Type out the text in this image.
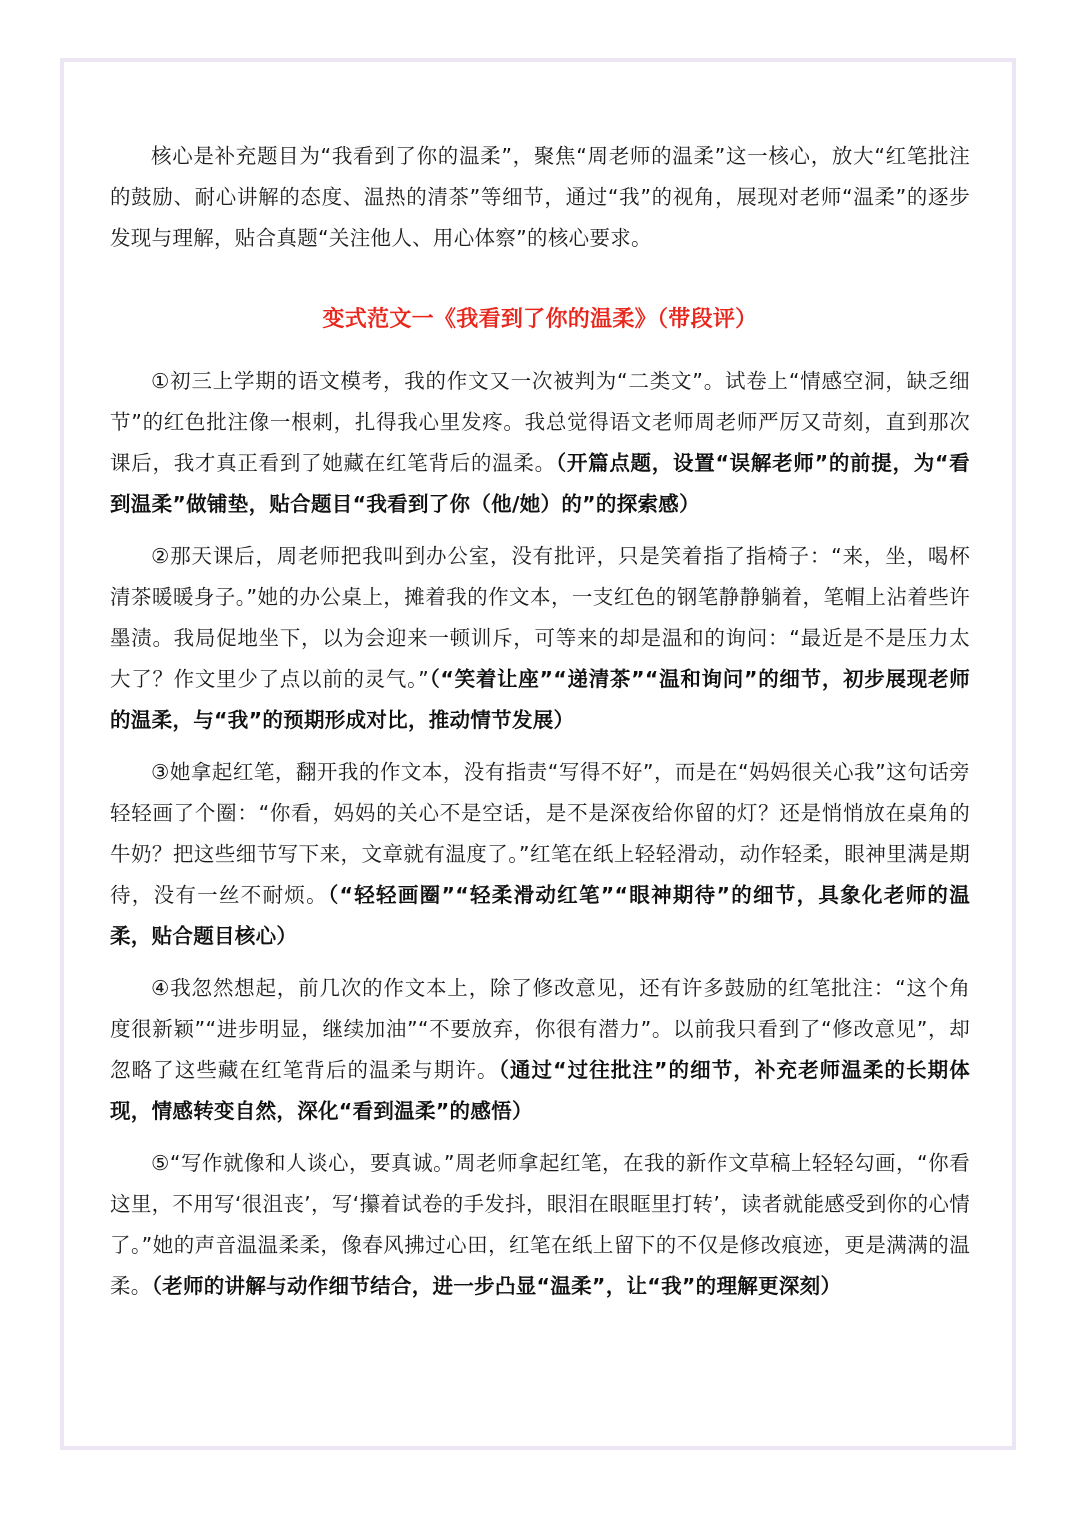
核心是补充题目为“我看到了你的温柔”，聚焦“周老师的温柔”这一核心，放大“红笔批注的鼓励、耐心讲解的态度、温热的清茶”等细节，通过“我”的视角，展现对老师“温柔”的逐步发现与理解，贴合真题“关注他人、用心体察”的核心要求。

变式范文一《我看到了你的温柔》（带段评）

①初三上学期的语文模考，我的作文又一次被判为“二类文”。试卷上“情感空洞，缺乏细节”的红色批注像一根刺，扎得我心里发疼。我总觉得语文老师周老师严厉又苛刻，直到那次课后，我才真正看到了她藏在红笔背后的温柔。（开篇点题，设置“误解老师”的前提，为“看到温柔”做铺垫，贴合题目“我看到了你（他/她）的”的探索感）

②那天课后，周老师把我叫到办公室，没有批评，只是笑着指了指椅子：“来，坐，喝杯清茶暖暖身子。”她的办公桌上，摊着我的作文本，一支红色的钢笔静静躺着，笔帽上沾着些许墨渍。我局促地坐下，以为会迎来一顿训斥，可等来的却是温和的询问：“最近是不是压力太大了？作文里少了点以前的灵气。”（“笑着让座”“递清茶”“温和询问”的细节，初步展现老师的温柔，与“我”的预期形成对比，推动情节发展）

③她拿起红笔，翻开我的作文本，没有指责“写得不好”，而是在“妈妈很关心我”这句话旁轻轻画了个圈：“你看，妈妈的关心不是空话，是不是深夜给你留的灯？还是悄悄放在桌角的牛奶？把这些细节写下来，文章就有温度了。”红笔在纸上轻轻滑动，动作轻柔，眼神里满是期待，没有一丝不耐烦。（“轻轻画圈”“轻柔滑动红笔”“眼神期待”的细节，具象化老师的温柔，贴合题目核心）

④我忽然想起，前几次的作文本上，除了修改意见，还有许多鼓励的红笔批注：“这个角度很新颖”“进步明显，继续加油”“不要放弃，你很有潜力”。以前我只看到了“修改意见”，却忽略了这些藏在红笔背后的温柔与期许。（通过“过往批注”的细节，补充老师温柔的长期体现，情感转变自然，深化“看到温柔”的感悟）

⑤“写作就像和人谈心，要真诚。”周老师拿起红笔，在我的新作文草稿上轻轻勾画，“你看这里，不用写‘很沮丧’，写‘攥着试卷的手发抖，眼泪在眼眶里打转’，读者就能感受到你的心情了。”她的声音温温柔柔，像春风拂过心田，红笔在纸上留下的不仅是修改痕迹，更是满满的温柔。（老师的讲解与动作细节结合，进一步凸显“温柔”，让“我”的理解更深刻）
